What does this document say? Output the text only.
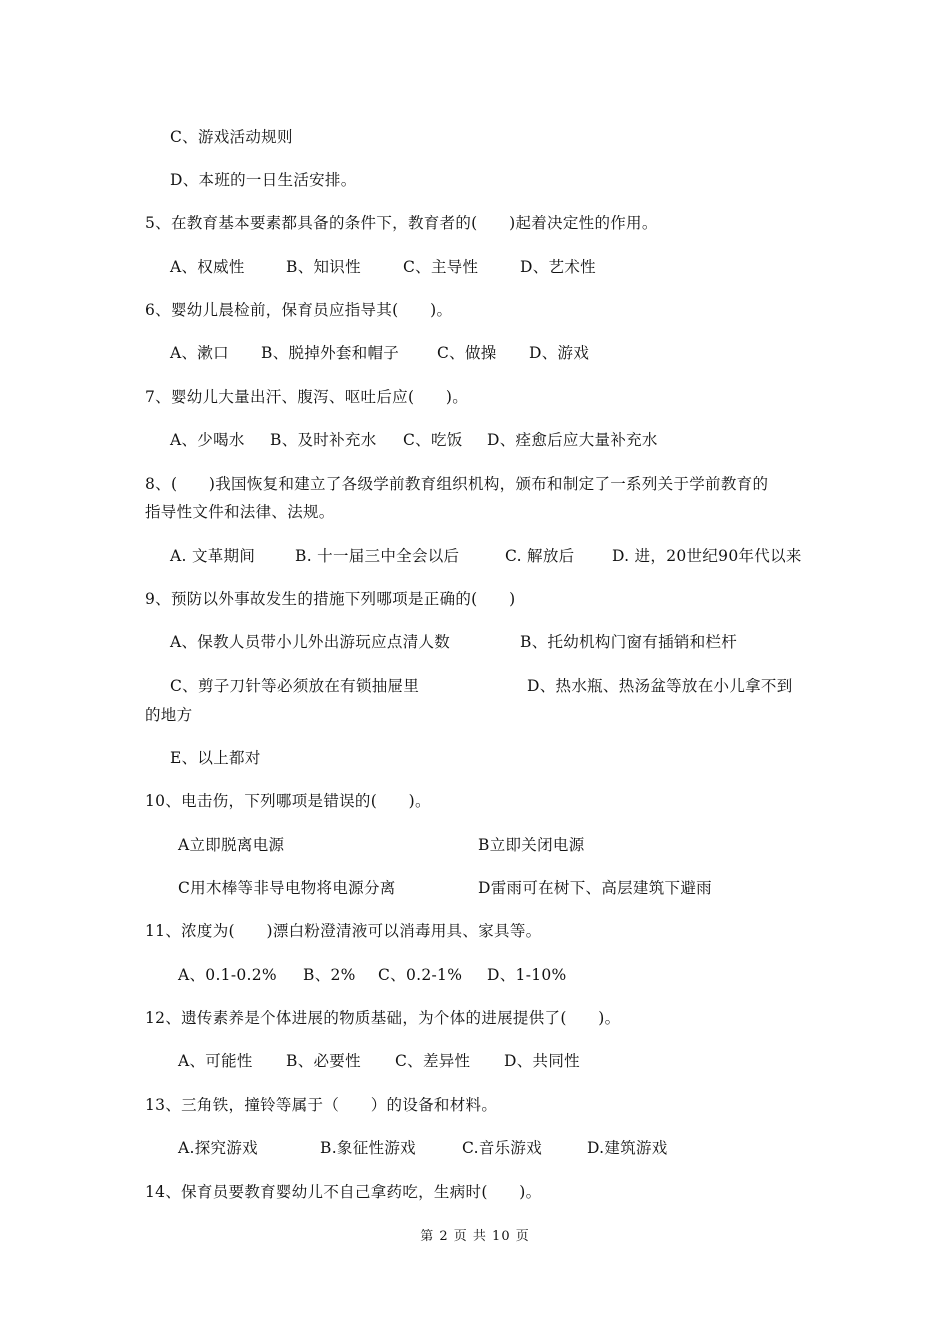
C、游戏活动规则
D、本班的一日生活安排。
5、在教育基本要素都具备的条件下，教育者的(　　)起着决定性的作用。
A、权威性	B、知识性	C、主导性	D、艺术性
6、婴幼儿晨检前，保育员应指导其(　　)。
A、漱口 B、脱掉外套和帽子 C、做操 D、游戏
7、婴幼儿大量出汗、腹泻、呕吐后应(　　)。
A、少喝水 B、及时补充水 C、吃饭 D、痊愈后应大量补充水
8、(　　)我国恢复和建立了各级学前教育组织机构，颁布和制定了一系列关于学前教育的
指导性文件和法律、法规。
A. 文革期间	B. 十一届三中全会以后	C. 解放后 D. 进，20世纪90年代以来
9、预防以外事故发生的措施下列哪项是正确的(　　)
A、保教人员带小儿外出游玩应点清人数	B、托幼机构门窗有插销和栏杆
C、剪子刀针等必须放在有锁抽屉里	D、热水瓶、热汤盆等放在小儿拿不到
的地方
E、以上都对
10、电击伤，下列哪项是错误的(　　)。
A立即脱离电源	B立即关闭电源
C用木棒等非导电物将电源分离	D雷雨可在树下、高层建筑下避雨
11、浓度为(　　)漂白粉澄清液可以消毒用具、家具等。
A、0.1-0.2% B、2% C、0.2-1% D、1-10%
12、遗传素养是个体进展的物质基础，为个体的进展提供了(　　)。
A、可能性 B、必要性 C、差异性 D、共同性
13、三角铁，撞铃等属于（　　）的设备和材料。
A.探究游戏	B.象征性游戏	C.音乐游戏	D.建筑游戏
14、保育员要教育婴幼儿不自己拿药吃，生病时(　　)。
第 2 页 共 10 页
